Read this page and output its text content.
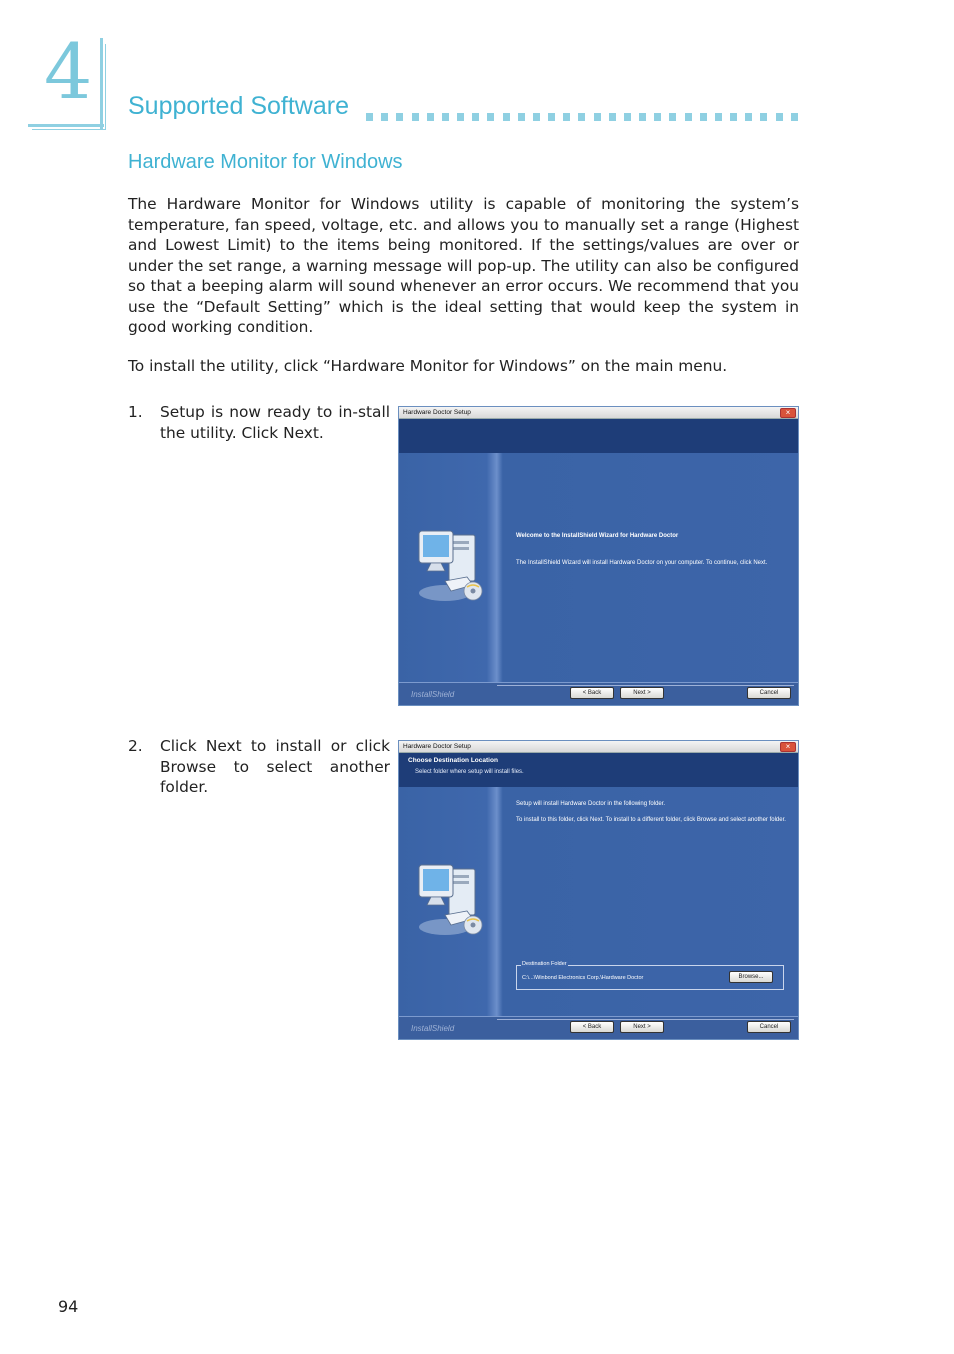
4 Supported Software
Hardware Monitor for Windows
The Hardware Monitor for Windows utility is capable of monitoring the system’s temperature, fan speed, voltage, etc. and allows you to manually set a range (Highest and Lowest Limit) to the items being monitored. If the settings/values are over or under the set range, a warning message will pop-up. The utility can also be configured so that a beeping alarm will sound whenever an error occurs. We recommend that you use the “Default Setting” which is the ideal setting that would keep the system in good working condition.
To install the utility, click “Hardware Monitor for Windows” on the main menu.
1. Setup is now ready to in-stall the utility. Click Next.
Hardware Doctor Setup	×
Welcome to the InstallShield Wizard for Hardware Doctor
The InstallShield Wizard will install Hardware Doctor on your computer. To continue, click Next.
InstallShield	< Back	Next >	Cancel
2. Click Next to install or click Browse to select another folder.
Hardware Doctor Setup	×
Choose Destination Location
Select folder where setup will install files.
Setup will install Hardware Doctor in the following folder.
To install to this folder, click Next. To install to a different folder, click Browse and select another folder.
Destination Folder
C:\...\Winbond Electronics Corp.\Hardware Doctor	Browse...
InstallShield	< Back	Next >	Cancel
94
